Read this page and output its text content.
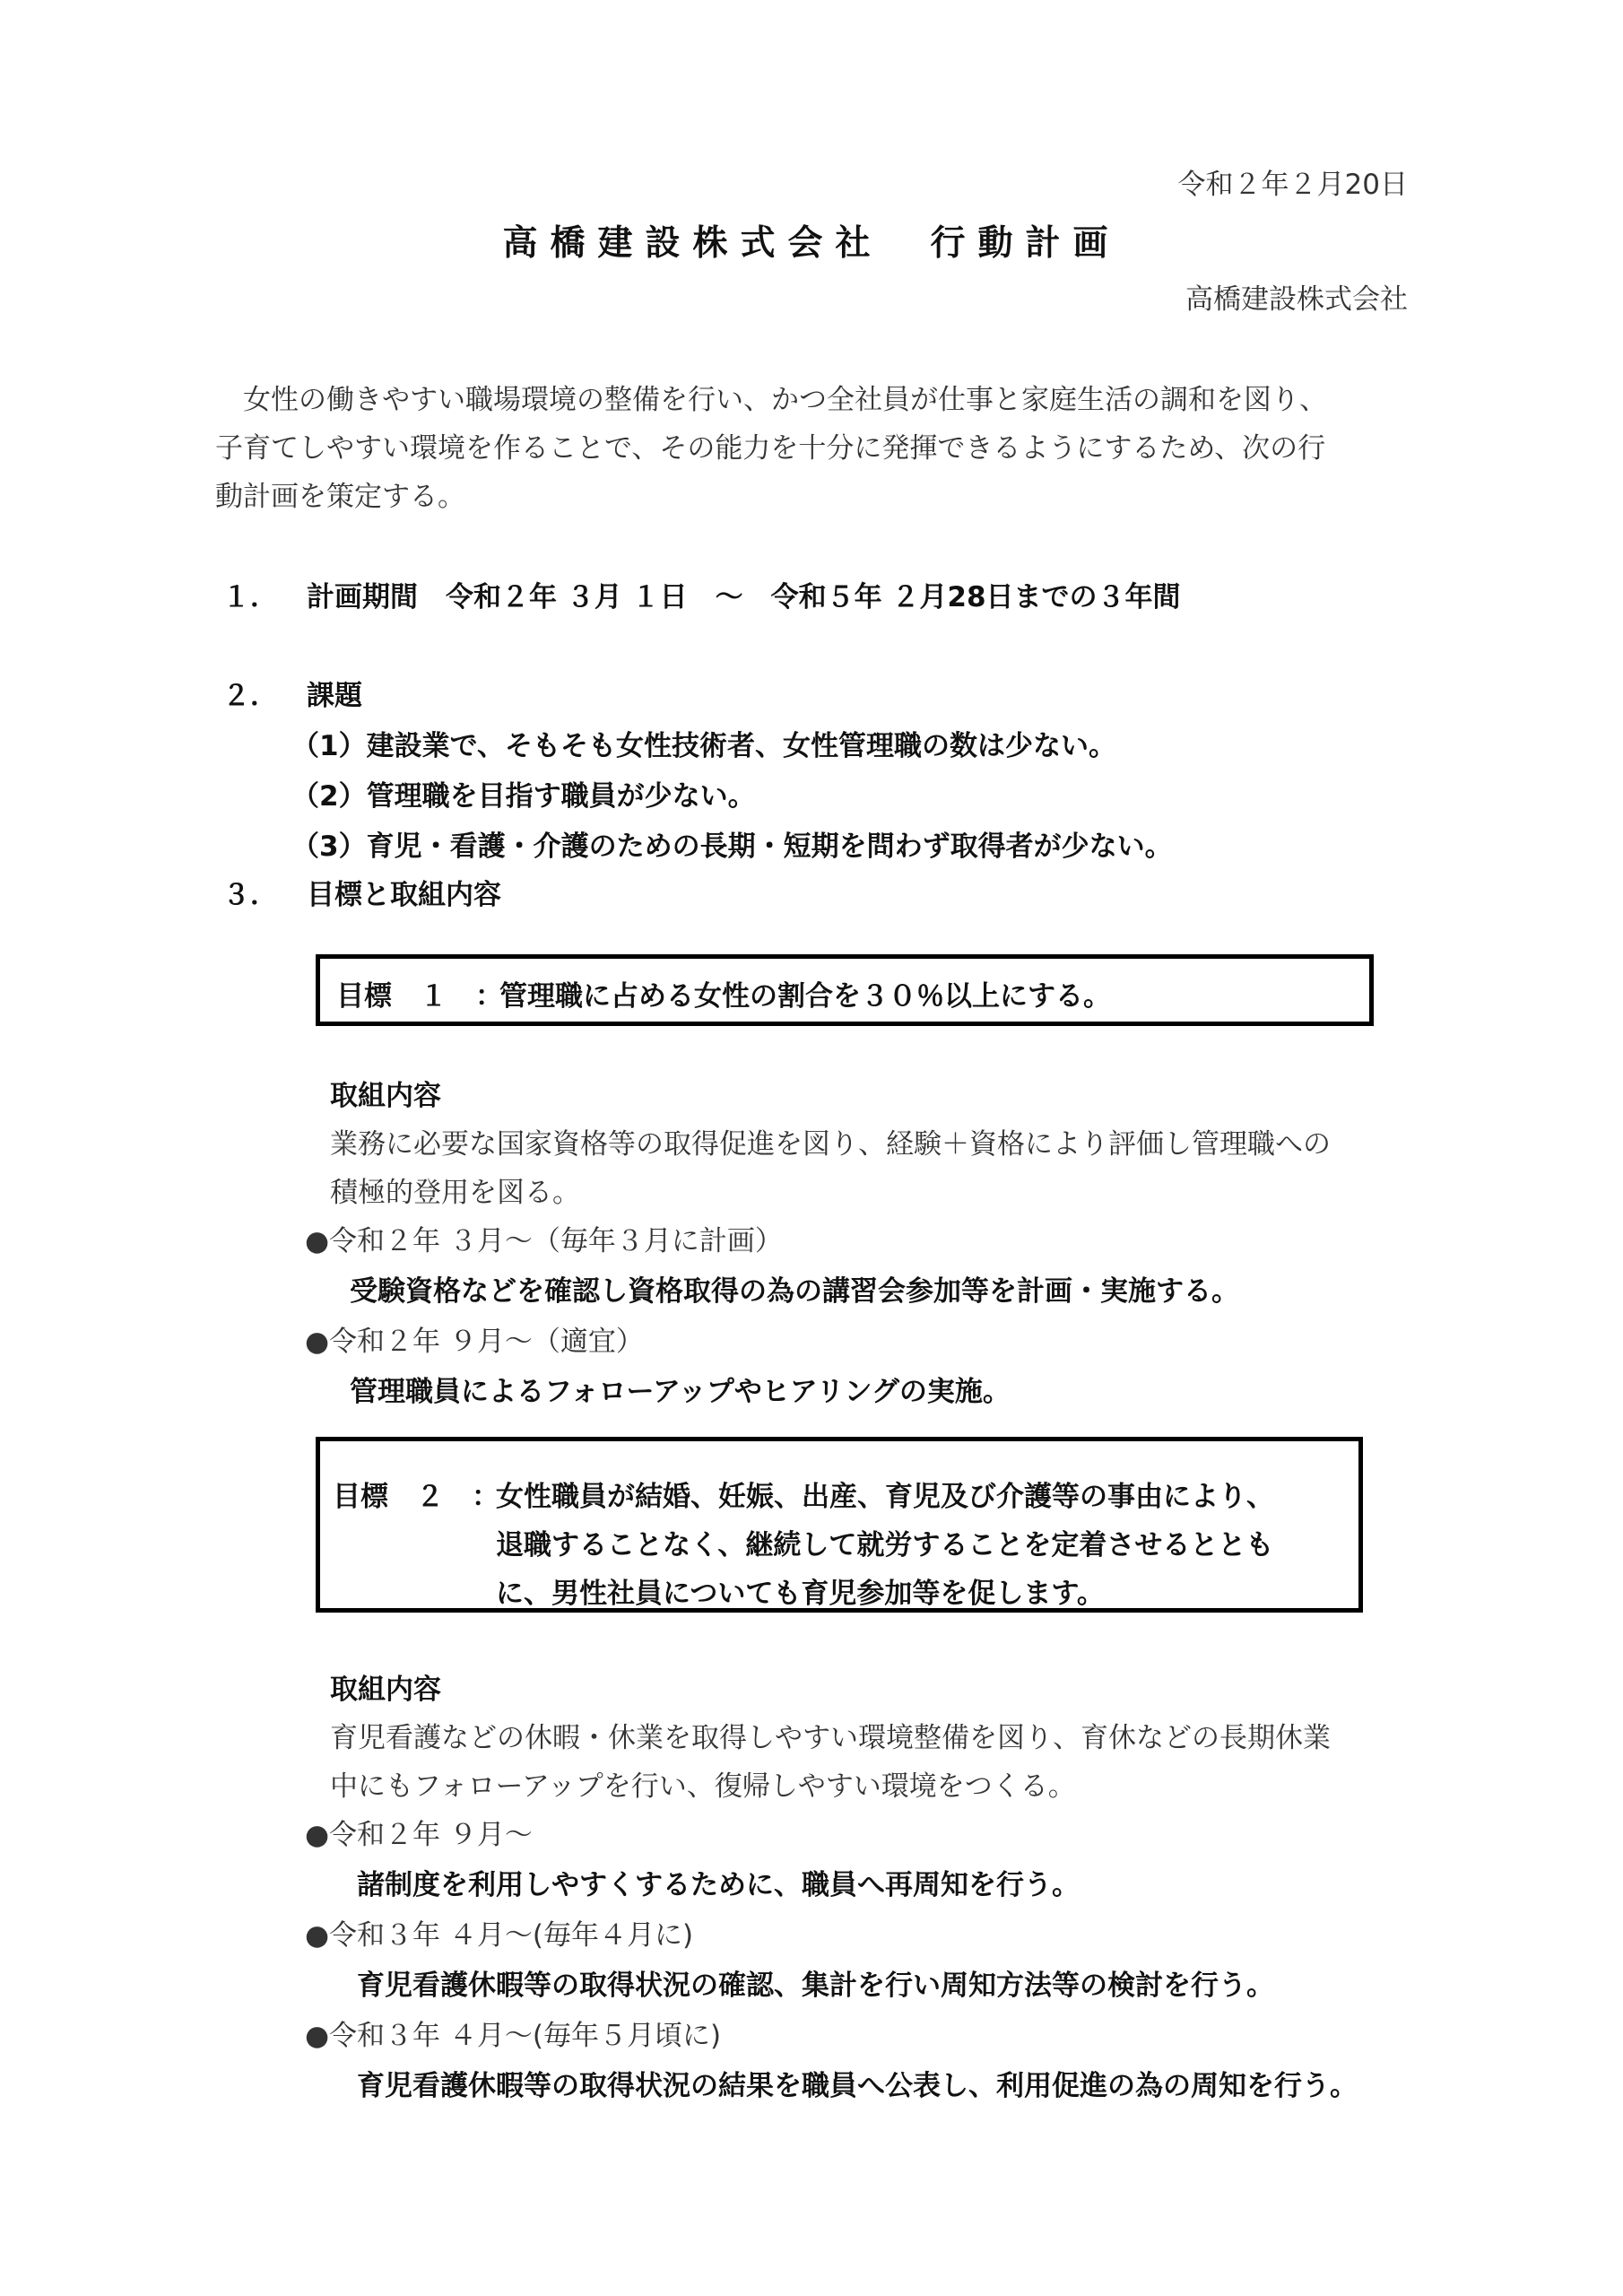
令和２年２月20日
高橋建設株式会社　行動計画
高橋建設株式会社
　女性の働きやすい職場環境の整備を行い、かつ全社員が仕事と家庭生活の調和を図り、
子育てしやすい環境を作ることで、その能力を十分に発揮できるようにするため、次の行
動計画を策定する。
１． 計画期間　令和２年 ３月 １日　～　令和５年 ２月28日までの３年間
２． 課題
（1）建設業で、そもそも女性技術者、女性管理職の数は少ない。
（2）管理職を目指す職員が少ない。
（3）育児・看護・介護のための長期・短期を問わず取得者が少ない。
３． 目標と取組内容
目標　１　：
管理職に占める女性の割合を３０％以上にする。
取組内容
業務に必要な国家資格等の取得促進を図り、経験＋資格により評価し管理職への
積極的登用を図る。
●令和２年 ３月～（毎年３月に計画）
受験資格などを確認し資格取得の為の講習会参加等を計画・実施する。
●令和２年 ９月～（適宜）
管理職員によるフォローアップやヒアリングの実施。
目標　２　：
女性職員が結婚、妊娠、出産、育児及び介護等の事由により、
退職することなく、継続して就労することを定着させるととも
に、男性社員についても育児参加等を促します。
取組内容
育児看護などの休暇・休業を取得しやすい環境整備を図り、育休などの長期休業
中にもフォローアップを行い、復帰しやすい環境をつくる。
●令和２年 ９月～
諸制度を利用しやすくするために、職員へ再周知を行う。
●令和３年 ４月～(毎年４月に)
育児看護休暇等の取得状況の確認、集計を行い周知方法等の検討を行う。
●令和３年 ４月～(毎年５月頃に)
育児看護休暇等の取得状況の結果を職員へ公表し、利用促進の為の周知を行う。
